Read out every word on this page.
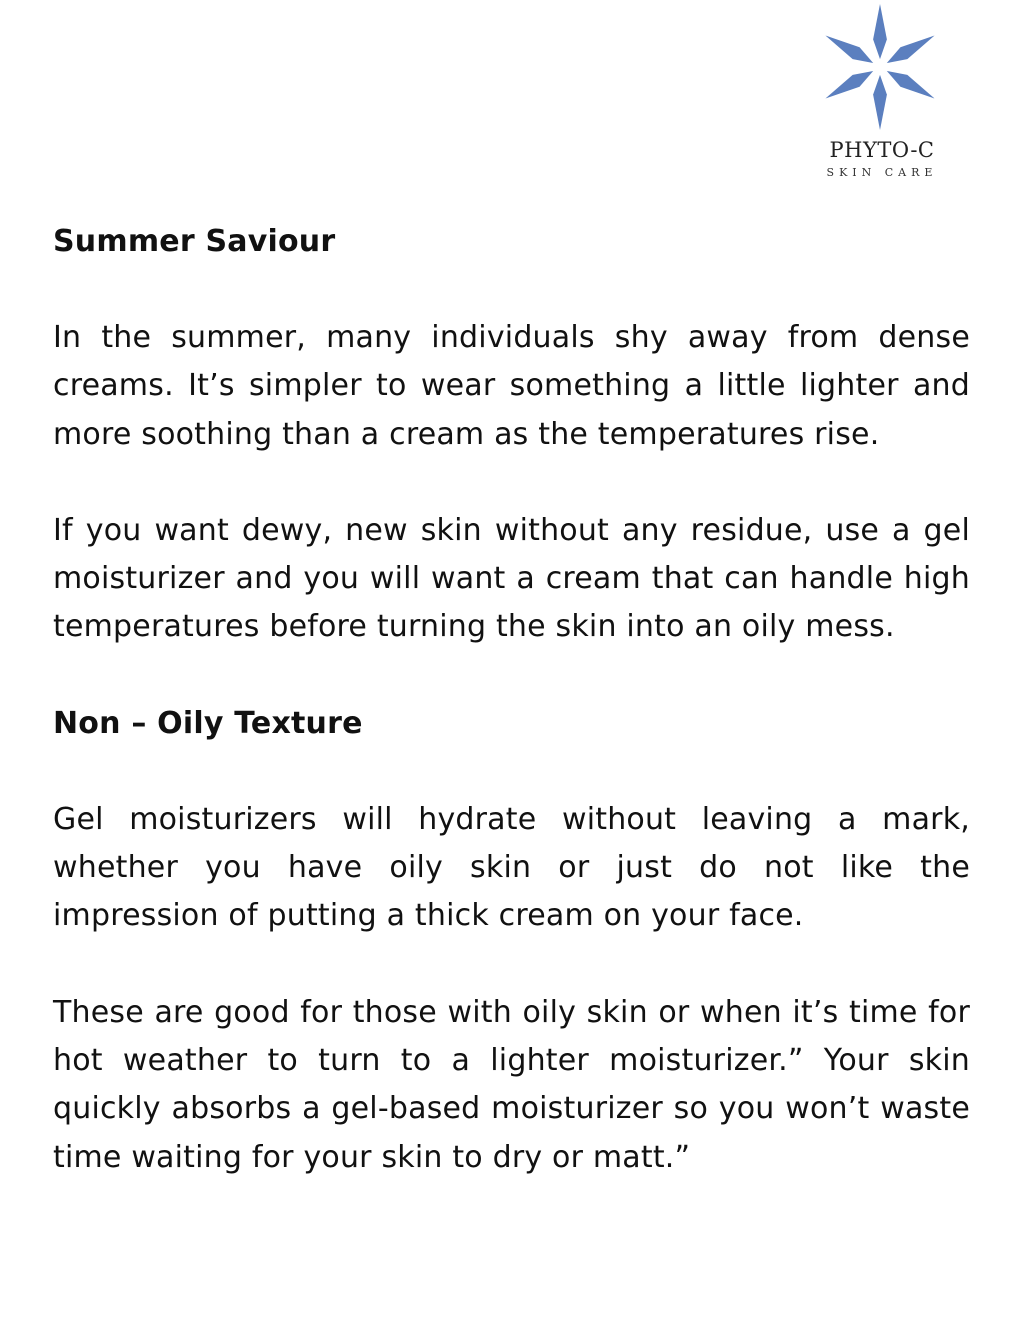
PHYTO-C
SKIN CARE
Summer Saviour

In the summer, many individuals shy away from dense creams. It’s simpler to wear something a little lighter and more soothing than a cream as the temperatures rise.

If you want dewy, new skin without any residue, use a gel moisturizer and you will want a cream that can handle high temperatures before turning the skin into an oily mess.

Non – Oily Texture

Gel moisturizers will hydrate without leaving a mark, whether you have oily skin or just do not like the impression of putting a thick cream on your face.

These are good for those with oily skin or when it’s time for hot weather to turn to a lighter moisturizer.” Your skin quickly absorbs a gel-based moisturizer so you won’t waste time waiting for your skin to dry or matt.”
